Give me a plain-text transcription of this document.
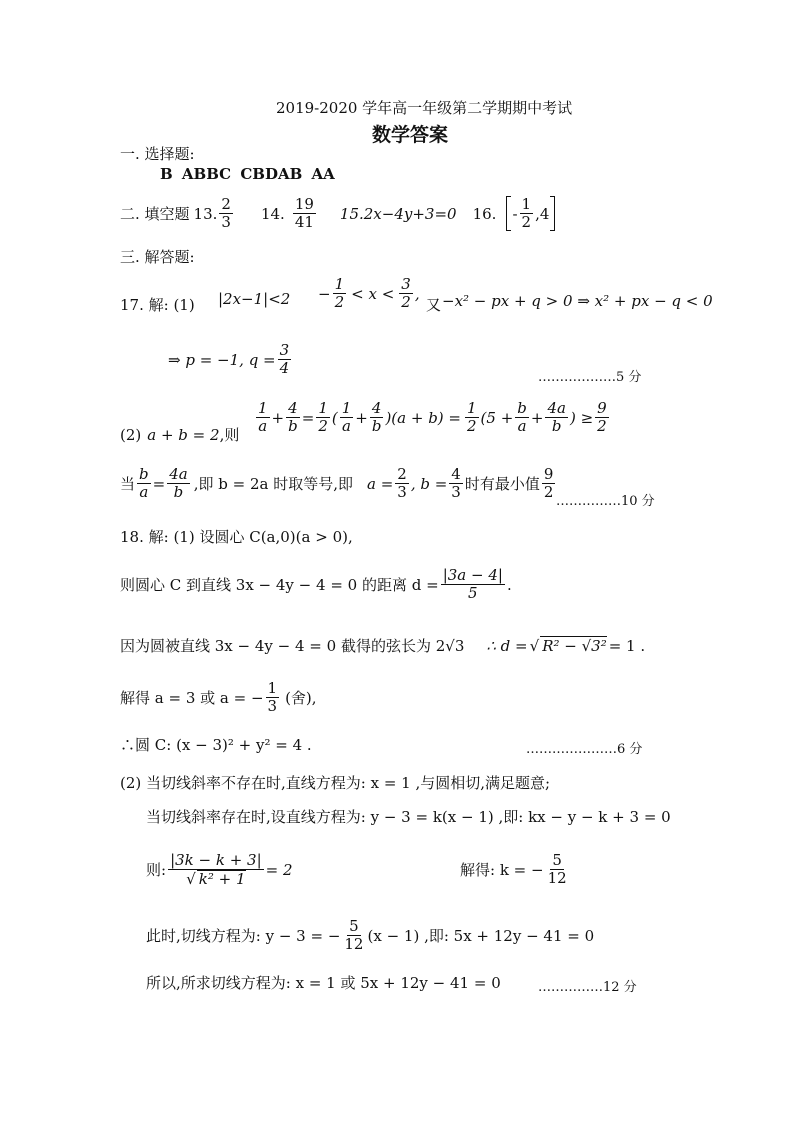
2019-2020 学年高一年级第二学期期中考试
数学答案
一. 选择题:
B ABBC CBDAB AA
二. 填空题 13. $\frac{2}{3} 14$. $\frac{19}{41} 15.2x-4y+3=0$ 16. - $\frac{1}{2} ,4$
三. 解答题:
17. 解: (1) $|2x-1|<2 - \frac{1}{2} < x < \frac{3}{2}$ ,
又 −x² − px + q > 0 ⇒ x² + px − q < 0
⇒ p = −1, $q = \frac{3}{4}$
………………5 分
(2) a + b = 2 ,则 $\frac{1}{a} + \frac{4}{b} = \frac{1}{2}$ ( $\frac{1}{a} + \frac{4}{b} )(a + b) = \frac{1}{2} (5 + \frac{b}{a} + \frac{4a}{b}$ ) ≥ $\frac{9}{2}$
当 $\frac{b}{a} = \frac{4a}{b}$ ,即 b = 2a 时取等号,即 $a = \frac{2}{3}$ , $b = \frac{4}{3}$ 时有最小值 $\frac{9}{2}$
……………10 分
18. 解: (1) 设圆心 C(a,0)(a > 0),
则圆心 C 到直线 3x − 4y − 4 = 0 的距离 $d = \frac{|3a - 4|}{5}$ .
因为圆被直线 3x − 4y − 4 = 0 截得的弦长为 2√3 ∴ d = √ R² − √3² = 1 .
解得 a = 3 或 a = − $\frac{1}{3}$ (舍),
∴圆 C: (x − 3)² + y² = 4 .	…………………6 分
(2) 当切线斜率不存在时,直线方程为: x = 1 ,与圆相切,满足题意;
当切线斜率存在时,设直线方程为: y − 3 = k(x − 1) ,即: kx − y − k + 3 = 0
则: $\frac{|3k - k + 3|}{\text{√ k² + 1}} = 2$	解得: k = − $\frac{5}{12}$
此时,切线方程为: y − 3 = − $\frac{5}{12} (x - 1)$ ,即: 5x + 12y − 41 = 0
所以,所求切线方程为: x = 1 或 5x + 12y − 41 = 0	……………12 分
